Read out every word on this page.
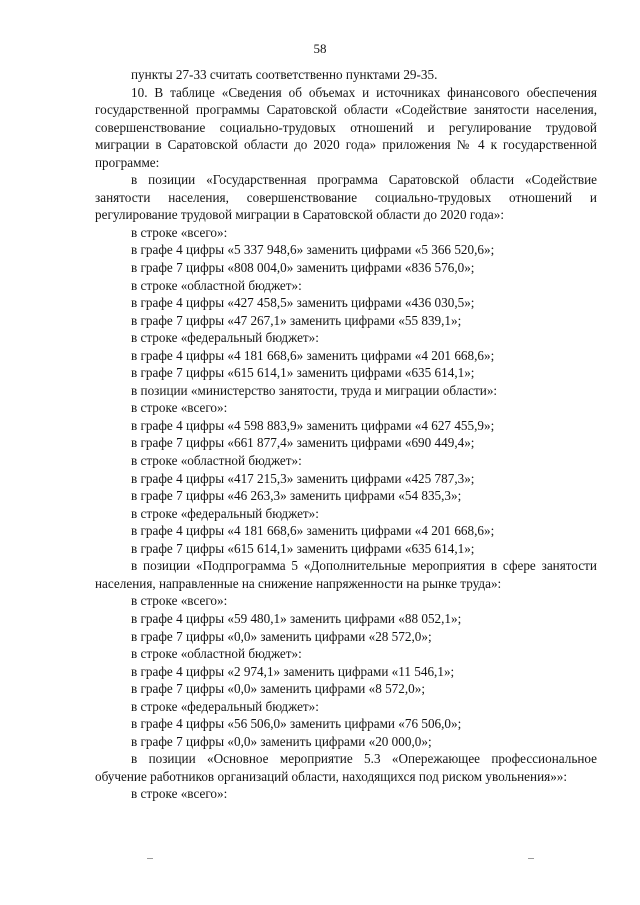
58

пункты 27-33 считать соответственно пунктами 29-35.

10. В таблице «Сведения об объемах и источниках финансового обеспечения государственной программы Саратовской области «Содействие занятости населения, совершенствование социально-трудовых отношений и регулирование трудовой миграции в Саратовской области до 2020 года» приложения № 4 к государственной программе:

в позиции «Государственная программа Саратовской области «Содействие занятости населения, совершенствование социально-трудовых отношений и регулирование трудовой миграции в Саратовской области до 2020 года»:

в строке «всего»:

в графе 4 цифры «5 337 948,6» заменить цифрами «5 366 520,6»;

в графе 7 цифры «808 004,0» заменить цифрами «836 576,0»;

в строке «областной бюджет»:

в графе 4 цифры «427 458,5» заменить цифрами «436 030,5»;

в графе 7 цифры «47 267,1» заменить цифрами «55 839,1»;

в строке «федеральный бюджет»:

в графе 4 цифры «4 181 668,6» заменить цифрами «4 201 668,6»;

в графе 7 цифры «615 614,1» заменить цифрами «635 614,1»;

в позиции «министерство занятости, труда и миграции области»:

в строке «всего»:

в графе 4 цифры «4 598 883,9» заменить цифрами «4 627 455,9»;

в графе 7 цифры «661 877,4» заменить цифрами «690 449,4»;

в строке «областной бюджет»:

в графе 4 цифры «417 215,3» заменить цифрами «425 787,3»;

в графе 7 цифры «46 263,3» заменить цифрами «54 835,3»;

в строке «федеральный бюджет»:

в графе 4 цифры «4 181 668,6» заменить цифрами «4 201 668,6»;

в графе 7 цифры «615 614,1» заменить цифрами «635 614,1»;

в позиции «Подпрограмма 5 «Дополнительные мероприятия в сфере занятости населения, направленные на снижение напряженности на рынке труда»:

в строке «всего»:

в графе 4 цифры «59 480,1» заменить цифрами «88 052,1»;

в графе 7 цифры «0,0» заменить цифрами «28 572,0»;

в строке «областной бюджет»:

в графе 4 цифры «2 974,1» заменить цифрами «11 546,1»;

в графе 7 цифры «0,0» заменить цифрами «8 572,0»;

в строке «федеральный бюджет»:

в графе 4 цифры «56 506,0» заменить цифрами «76 506,0»;

в графе 7 цифры «0,0» заменить цифрами «20 000,0»;

в позиции «Основное мероприятие 5.3 «Опережающее профессиональное обучение работников организаций области, находящихся под риском увольнения»»:

в строке «всего»:
